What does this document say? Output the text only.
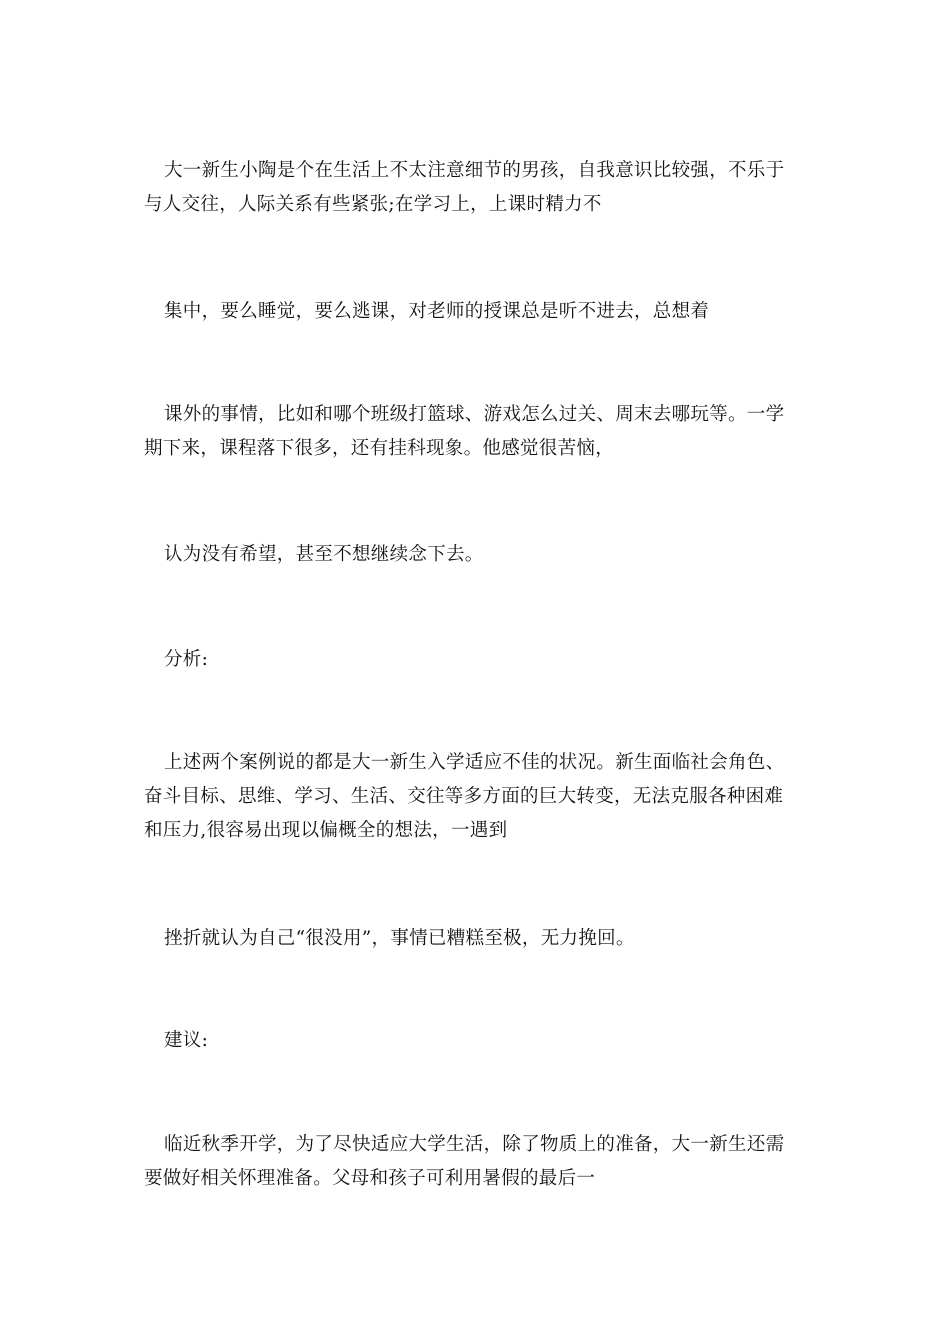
大一新生小陶是个在生活上不太注意细节的男孩，自我意识比较强，不乐于
与人交往，人际关系有些紧张;在学习上，上课时精力不

集中，要么睡觉，要么逃课，对老师的授课总是听不进去，总想着

课外的事情，比如和哪个班级打篮球、游戏怎么过关、周末去哪玩等。一学
期下来，课程落下很多，还有挂科现象。他感觉很苦恼，

认为没有希望，甚至不想继续念下去。

分析:

上述两个案例说的都是大一新生入学适应不佳的状况。新生面临社会角色、
奋斗目标、思维、学习、生活、交往等多方面的巨大转变，无法克服各种困难
和压力,很容易出现以偏概全的想法，一遇到

挫折就认为自己“很没用”，事情已糟糕至极，无力挽回。

建议:

临近秋季开学，为了尽快适应大学生活，除了物质上的准备，大一新生还需
要做好相关怀理准备。父母和孩子可利用暑假的最后一
